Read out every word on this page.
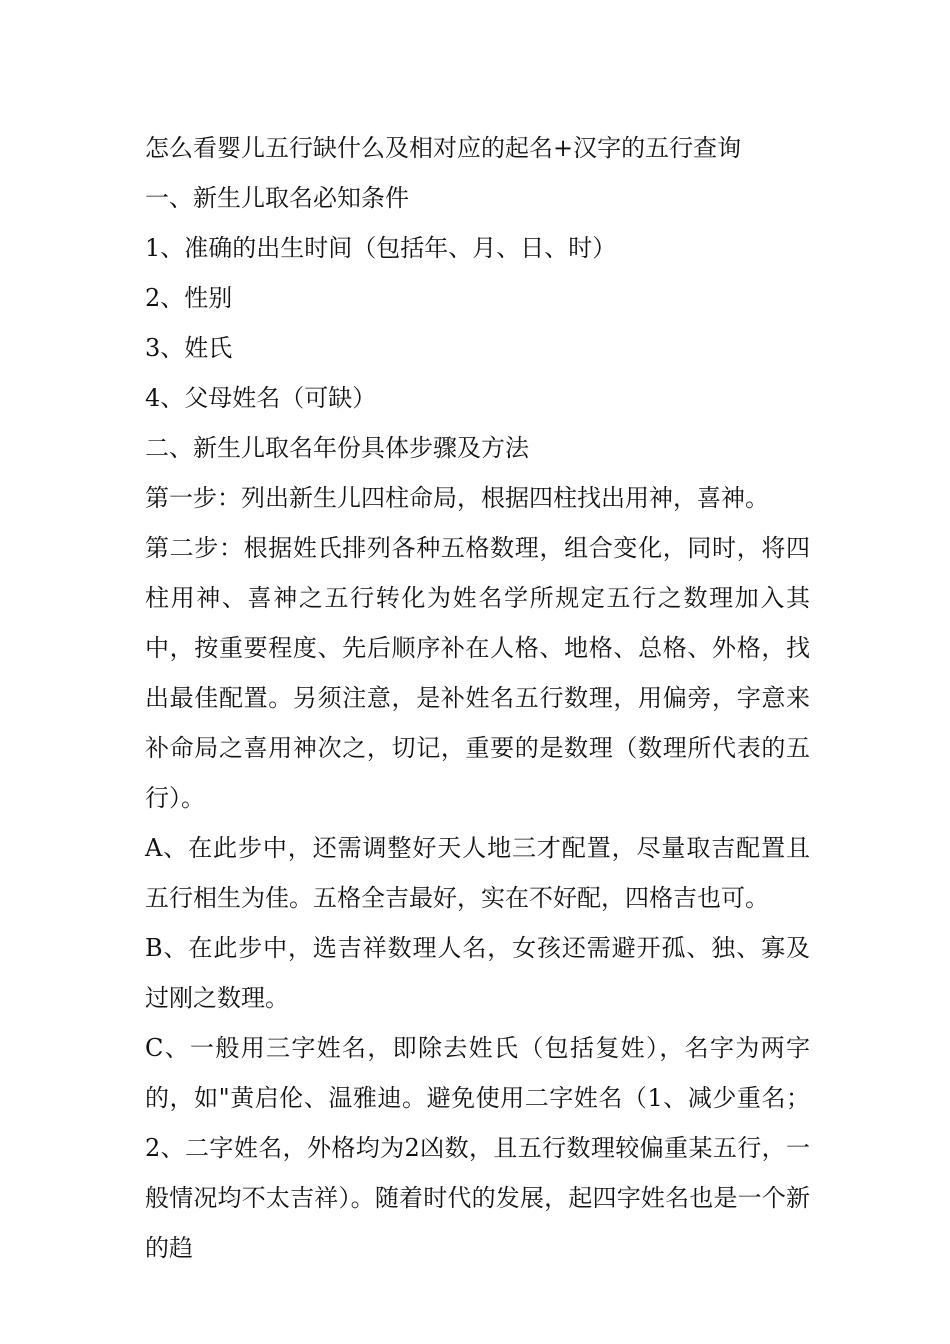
怎么看婴儿五行缺什么及相对应的起名+汉字的五行查询

一、新生儿取名必知条件

1、准确的出生时间（包括年、月、日、时）

2、性别

3、姓氏

4、父母姓名（可缺）

二、新生儿取名年份具体步骤及方法

第一步：列出新生儿四柱命局，根据四柱找出用神，喜神。

第二步：根据姓氏排列各种五格数理，组合变化，同时，将四柱用神、喜神之五行转化为姓名学所规定五行之数理加入其中，按重要程度、先后顺序补在人格、地格、总格、外格，找出最佳配置。另须注意，是补姓名五行数理，用偏旁，字意来补命局之喜用神次之，切记，重要的是数理（数理所代表的五行）。

A、在此步中，还需调整好天人地三才配置，尽量取吉配置且五行相生为佳。五格全吉最好，实在不好配，四格吉也可。

B、在此步中，选吉祥数理人名，女孩还需避开孤、独、寡及过刚之数理。

C、一般用三字姓名，即除去姓氏（包括复姓），名字为两字的，如"黄启伦、温雅迪。避免使用二字姓名（1、减少重名；2、二字姓名，外格均为2凶数，且五行数理较偏重某五行，一般情况均不太吉祥）。随着时代的发展，起四字姓名也是一个新的趋
